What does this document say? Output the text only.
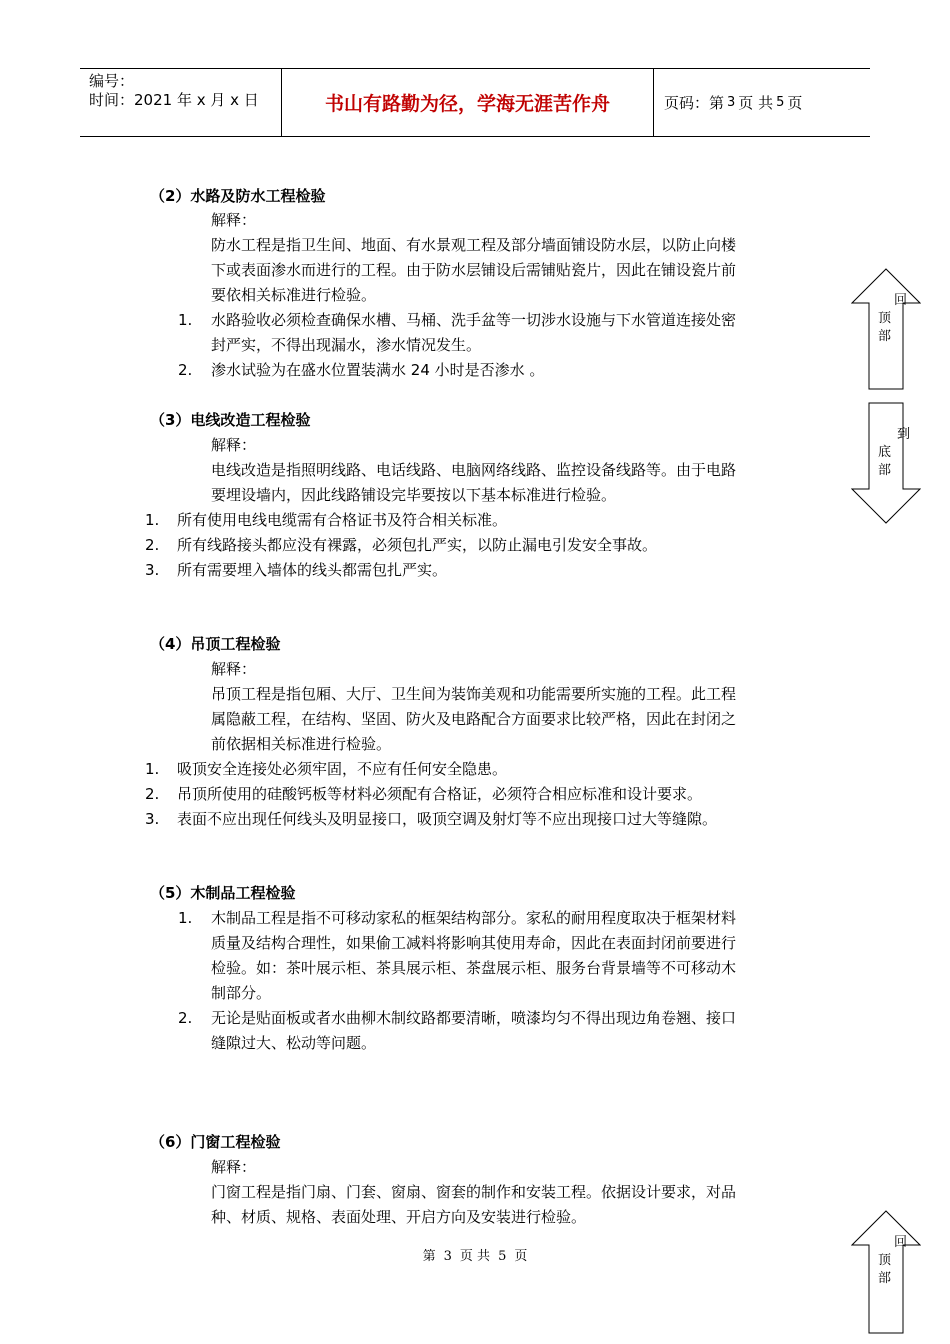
编号：
时间：2021 年 x 月 x 日	书山有路勤为径，学海无涯苦作舟	页码：第 3 页 共 5 页
（2）水路及防水工程检验
解释：
防水工程是指卫生间、地面、有水景观工程及部分墙面铺设防水层，以防止向楼
下或表面渗水而进行的工程。由于防水层铺设后需铺贴瓷片，因此在铺设瓷片前
要依相关标准进行检验。
1. 水路验收必须检查确保水槽、马桶、洗手盆等一切涉水设施与下水管道连接处密
封严实，不得出现漏水，渗水情况发生。
2. 渗水试验为在盛水位置装满水 24 小时是否渗水 。
（3）电线改造工程检验
解释：
电线改造是指照明线路、电话线路、电脑网络线路、监控设备线路等。由于电路
要埋设墙内，因此线路铺设完毕要按以下基本标准进行检验。
1. 所有使用电线电缆需有合格证书及符合相关标准。
2. 所有线路接头都应没有裸露，必须包扎严实，以防止漏电引发安全事故。
3. 所有需要埋入墙体的线头都需包扎严实。
（4）吊顶工程检验
解释：
吊顶工程是指包厢、大厅、卫生间为装饰美观和功能需要所实施的工程。此工程
属隐蔽工程，在结构、坚固、防火及电路配合方面要求比较严格，因此在封闭之
前依据相关标准进行检验。
1. 吸顶安全连接处必须牢固，不应有任何安全隐患。
2. 吊顶所使用的硅酸钙板等材料必须配有合格证，必须符合相应标准和设计要求。
3. 表面不应出现任何线头及明显接口，吸顶空调及射灯等不应出现接口过大等缝隙。
（5）木制品工程检验
1. 木制品工程是指不可移动家私的框架结构部分。家私的耐用程度取决于框架材料
质量及结构合理性，如果偷工减料将影响其使用寿命，因此在表面封闭前要进行
检验。如：茶叶展示柜、茶具展示柜、茶盘展示柜、服务台背景墙等不可移动木
制部分。
2. 无论是贴面板或者水曲柳木制纹路都要清晰，喷漆均匀不得出现边角卷翘、接口
缝隙过大、松动等问题。
（6）门窗工程检验
解释：
门窗工程是指门扇、门套、窗扇、窗套的制作和安装工程。依据设计要求，对品
种、材质、规格、表面处理、开启方向及安装进行检验。
第 3 页 共 5 页
回
顶
部
到
底
部
回
顶
部
